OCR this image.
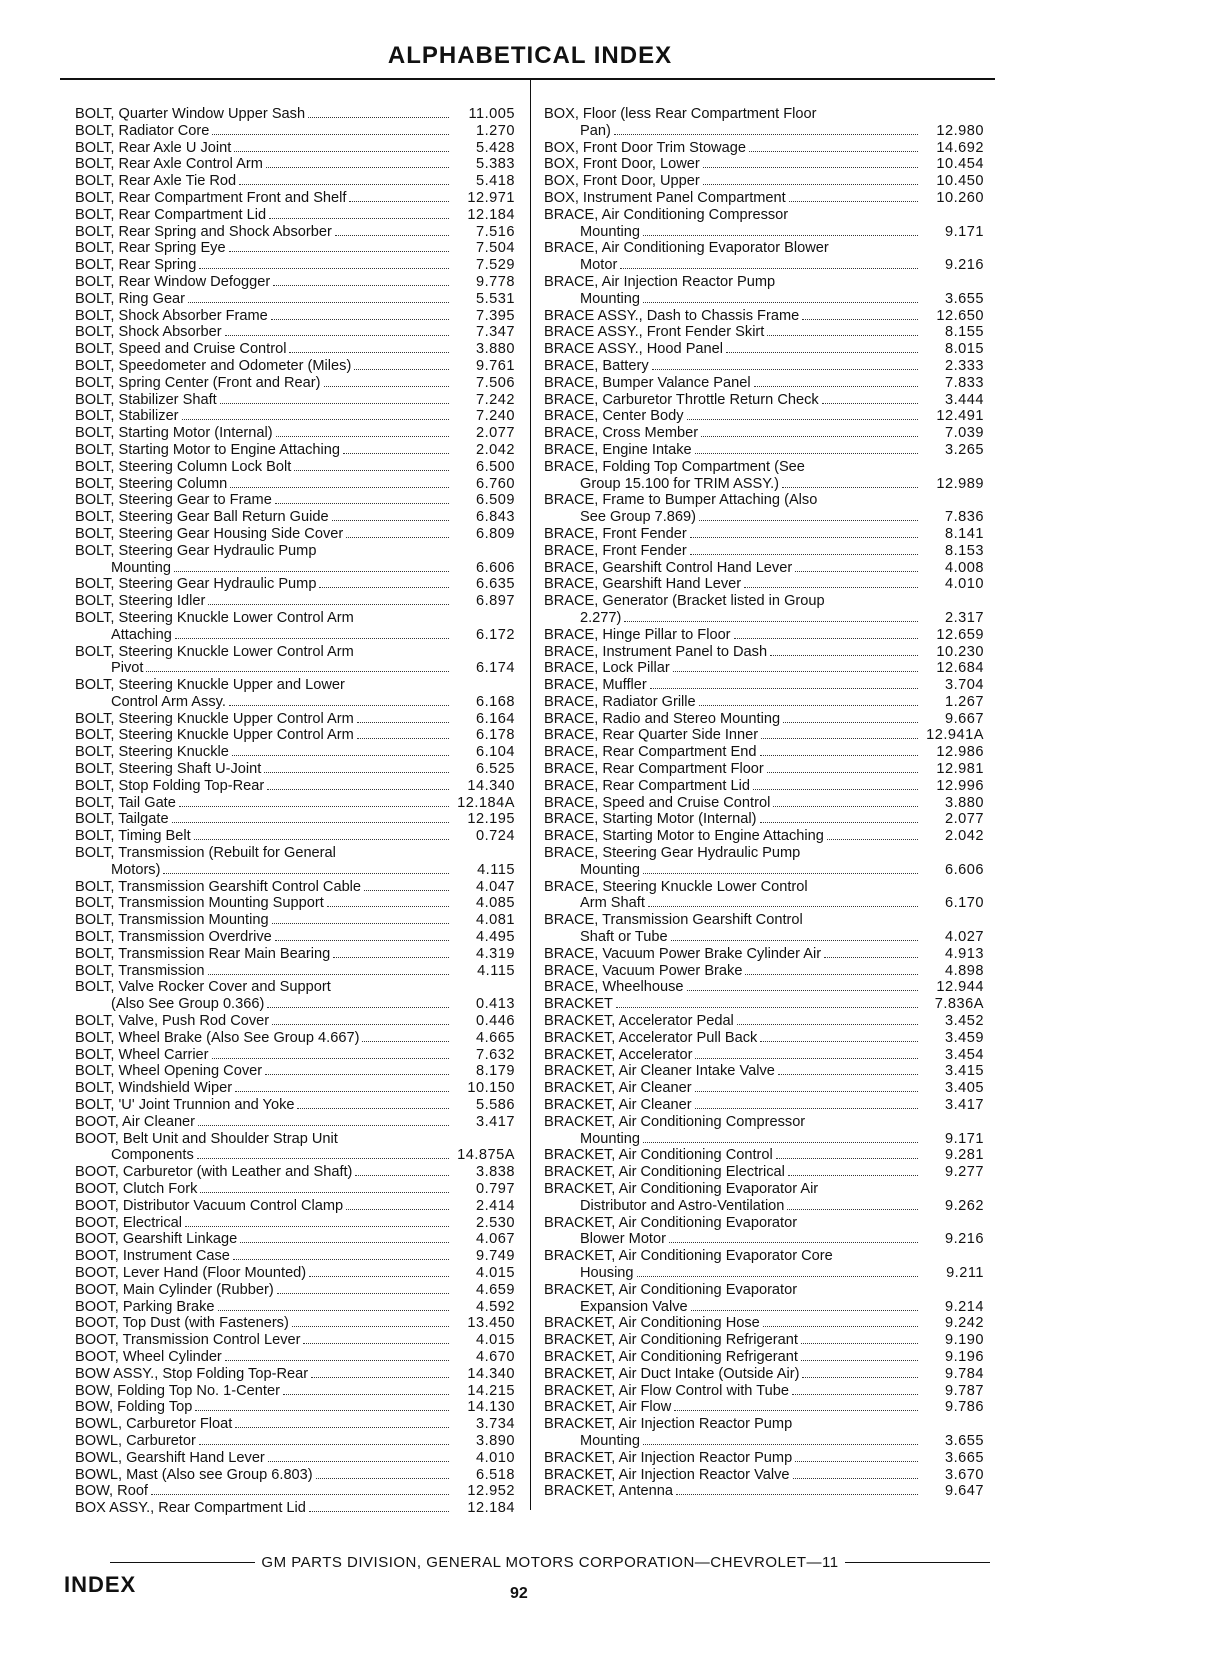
ALPHABETICAL INDEX
BOLT, Quarter Window Upper Sash	11.005
BOLT, Radiator Core	1.270
BOLT, Rear Axle U Joint	5.428
BOLT, Rear Axle Control Arm	5.383
BOLT, Rear Axle Tie Rod	5.418
BOLT, Rear Compartment Front and Shelf	12.971
BOLT, Rear Compartment Lid	12.184
BOLT, Rear Spring and Shock Absorber	7.516
BOLT, Rear Spring Eye	7.504
BOLT, Rear Spring	7.529
BOLT, Rear Window Defogger	9.778
BOLT, Ring Gear	5.531
BOLT, Shock Absorber Frame	7.395
BOLT, Shock Absorber	7.347
BOLT, Speed and Cruise Control	3.880
BOLT, Speedometer and Odometer (Miles)	9.761
BOLT, Spring Center (Front and Rear)	7.506
BOLT, Stabilizer Shaft	7.242
BOLT, Stabilizer	7.240
BOLT, Starting Motor (Internal)	2.077
BOLT, Starting Motor to Engine Attaching	2.042
BOLT, Steering Column Lock Bolt	6.500
BOLT, Steering Column	6.760
BOLT, Steering Gear to Frame	6.509
BOLT, Steering Gear Ball Return Guide	6.843
BOLT, Steering Gear Housing Side Cover	6.809
BOLT, Steering Gear Hydraulic Pump
Mounting	6.606
BOLT, Steering Gear Hydraulic Pump	6.635
BOLT, Steering Idler	6.897
BOLT, Steering Knuckle Lower Control Arm
Attaching	6.172
BOLT, Steering Knuckle Lower Control Arm
Pivot	6.174
BOLT, Steering Knuckle Upper and Lower
Control Arm Assy.	6.168
BOLT, Steering Knuckle Upper Control Arm	6.164
BOLT, Steering Knuckle Upper Control Arm	6.178
BOLT, Steering Knuckle	6.104
BOLT, Steering Shaft U-Joint	6.525
BOLT, Stop Folding Top-Rear	14.340
BOLT, Tail Gate	12.184A
BOLT, Tailgate	12.195
BOLT, Timing Belt	0.724
BOLT, Transmission (Rebuilt for General
Motors)	4.115
BOLT, Transmission Gearshift Control Cable	4.047
BOLT, Transmission Mounting Support	4.085
BOLT, Transmission Mounting	4.081
BOLT, Transmission Overdrive	4.495
BOLT, Transmission Rear Main Bearing	4.319
BOLT, Transmission	4.115
BOLT, Valve Rocker Cover and Support
(Also See Group 0.366)	0.413
BOLT, Valve, Push Rod Cover	0.446
BOLT, Wheel Brake (Also See Group 4.667)	4.665
BOLT, Wheel Carrier	7.632
BOLT, Wheel Opening Cover	8.179
BOLT, Windshield Wiper	10.150
BOLT, 'U' Joint Trunnion and Yoke	5.586
BOOT, Air Cleaner	3.417
BOOT, Belt Unit and Shoulder Strap Unit
Components	14.875A
BOOT, Carburetor (with Leather and Shaft)	3.838
BOOT, Clutch Fork	0.797
BOOT, Distributor Vacuum Control Clamp	2.414
BOOT, Electrical	2.530
BOOT, Gearshift Linkage	4.067
BOOT, Instrument Case	9.749
BOOT, Lever Hand (Floor Mounted)	4.015
BOOT, Main Cylinder (Rubber)	4.659
BOOT, Parking Brake	4.592
BOOT, Top Dust (with Fasteners)	13.450
BOOT, Transmission Control Lever	4.015
BOOT, Wheel Cylinder	4.670
BOW ASSY., Stop Folding Top-Rear	14.340
BOW, Folding Top No. 1-Center	14.215
BOW, Folding Top	14.130
BOWL, Carburetor Float	3.734
BOWL, Carburetor	3.890
BOWL, Gearshift Hand Lever	4.010
BOWL, Mast (Also see Group 6.803)	6.518
BOW, Roof	12.952
BOX ASSY., Rear Compartment Lid	12.184
BOX, Floor (less Rear Compartment Floor
Pan)	12.980
BOX, Front Door Trim Stowage	14.692
BOX, Front Door, Lower	10.454
BOX, Front Door, Upper	10.450
BOX, Instrument Panel Compartment	10.260
BRACE, Air Conditioning Compressor
Mounting	9.171
BRACE, Air Conditioning Evaporator Blower
Motor	9.216
BRACE, Air Injection Reactor Pump
Mounting	3.655
BRACE ASSY., Dash to Chassis Frame	12.650
BRACE ASSY., Front Fender Skirt	8.155
BRACE ASSY., Hood Panel	8.015
BRACE, Battery	2.333
BRACE, Bumper Valance Panel	7.833
BRACE, Carburetor Throttle Return Check	3.444
BRACE, Center Body	12.491
BRACE, Cross Member	7.039
BRACE, Engine Intake	3.265
BRACE, Folding Top Compartment (See
Group 15.100 for TRIM ASSY.)	12.989
BRACE, Frame to Bumper Attaching (Also
See Group 7.869)	7.836
BRACE, Front Fender	8.141
BRACE, Front Fender	8.153
BRACE, Gearshift Control Hand Lever	4.008
BRACE, Gearshift Hand Lever	4.010
BRACE, Generator (Bracket listed in Group
2.277)	2.317
BRACE, Hinge Pillar to Floor	12.659
BRACE, Instrument Panel to Dash	10.230
BRACE, Lock Pillar	12.684
BRACE, Muffler	3.704
BRACE, Radiator Grille	1.267
BRACE, Radio and Stereo Mounting	9.667
BRACE, Rear Quarter Side Inner	12.941A
BRACE, Rear Compartment End	12.986
BRACE, Rear Compartment Floor	12.981
BRACE, Rear Compartment Lid	12.996
BRACE, Speed and Cruise Control	3.880
BRACE, Starting Motor (Internal)	2.077
BRACE, Starting Motor to Engine Attaching	2.042
BRACE, Steering Gear Hydraulic Pump
Mounting	6.606
BRACE, Steering Knuckle Lower Control
Arm Shaft	6.170
BRACE, Transmission Gearshift Control
Shaft or Tube	4.027
BRACE, Vacuum Power Brake Cylinder Air	4.913
BRACE, Vacuum Power Brake	4.898
BRACE, Wheelhouse	12.944
BRACKET	7.836A
BRACKET, Accelerator Pedal	3.452
BRACKET, Accelerator Pull Back	3.459
BRACKET, Accelerator	3.454
BRACKET, Air Cleaner Intake Valve	3.415
BRACKET, Air Cleaner	3.405
BRACKET, Air Cleaner	3.417
BRACKET, Air Conditioning Compressor
Mounting	9.171
BRACKET, Air Conditioning Control	9.281
BRACKET, Air Conditioning Electrical	9.277
BRACKET, Air Conditioning Evaporator Air
Distributor and Astro-Ventilation	9.262
BRACKET, Air Conditioning Evaporator
Blower Motor	9.216
BRACKET, Air Conditioning Evaporator Core
Housing	9.211
BRACKET, Air Conditioning Evaporator
Expansion Valve	9.214
BRACKET, Air Conditioning Hose	9.242
BRACKET, Air Conditioning Refrigerant	9.190
BRACKET, Air Conditioning Refrigerant	9.196
BRACKET, Air Duct Intake (Outside Air)	9.784
BRACKET, Air Flow Control with Tube	9.787
BRACKET, Air Flow	9.786
BRACKET, Air Injection Reactor Pump
Mounting	3.655
BRACKET, Air Injection Reactor Pump	3.665
BRACKET, Air Injection Reactor Valve	3.670
BRACKET, Antenna	9.647
GM PARTS DIVISION, GENERAL MOTORS CORPORATION—CHEVROLET—11
INDEX	92
